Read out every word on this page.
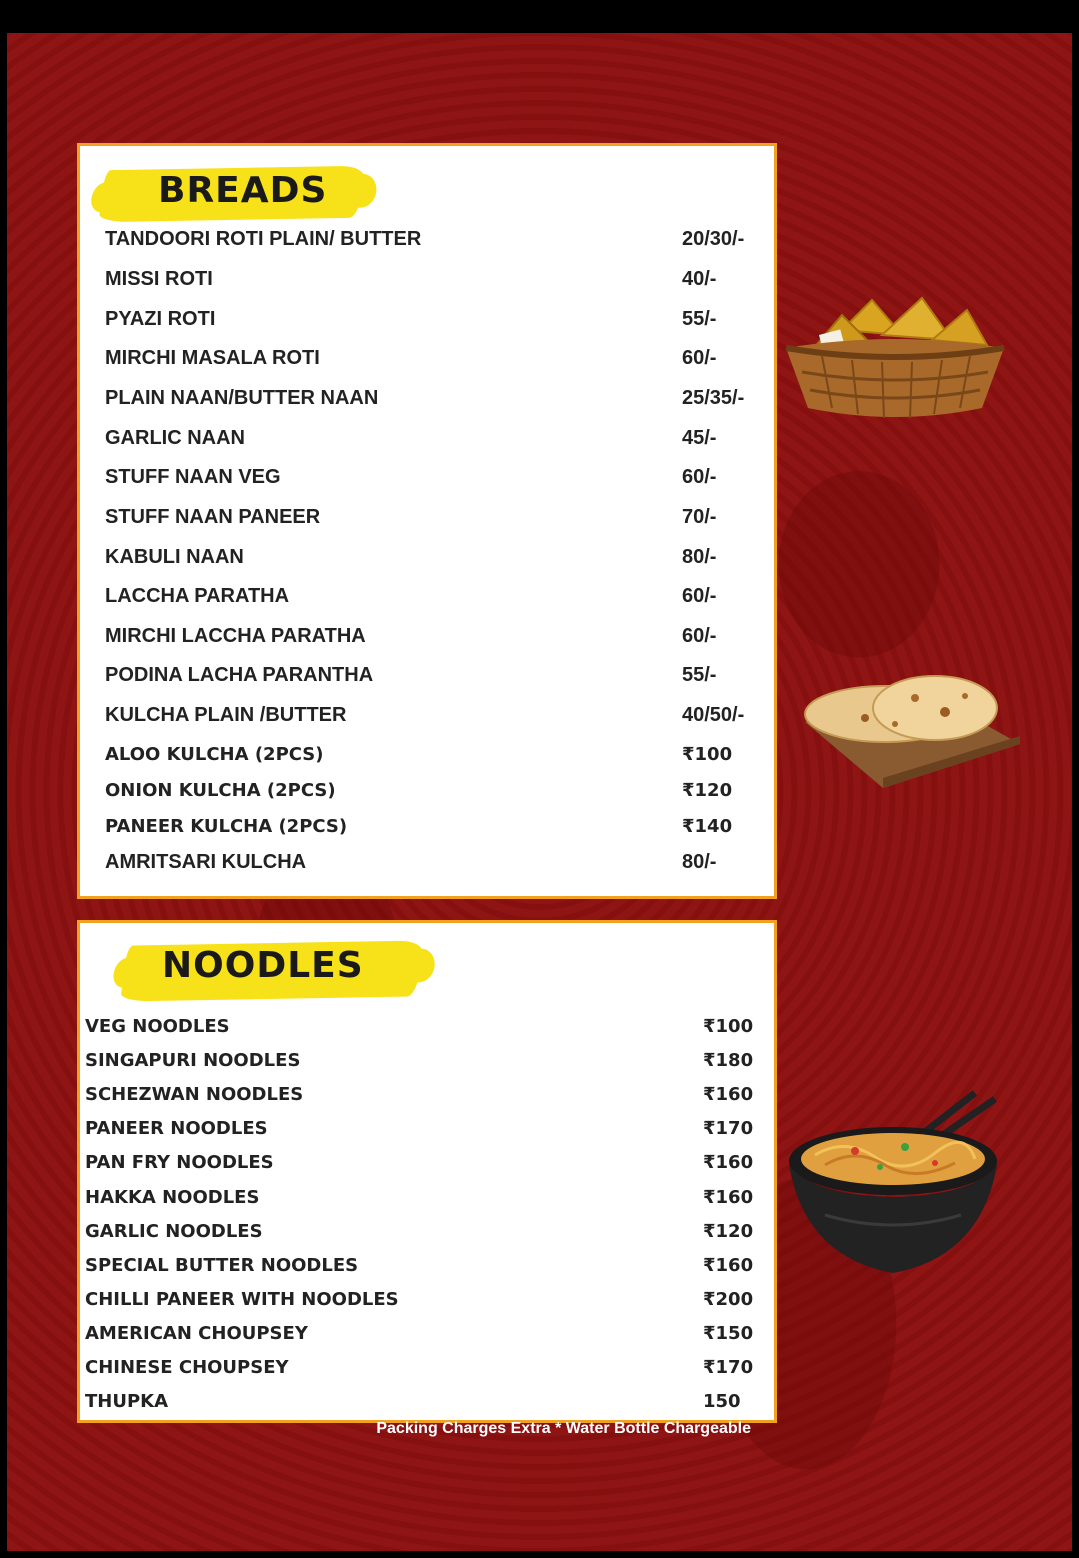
BREADS
TANDOORI ROTI PLAIN/ BUTTER	20/30/-
MISSI ROTI	40/-
PYAZI ROTI	55/-
MIRCHI MASALA ROTI	60/-
PLAIN NAAN/BUTTER NAAN	25/35/-
GARLIC NAAN	45/-
STUFF NAAN VEG	60/-
STUFF NAAN PANEER	70/-
KABULI NAAN	80/-
LACCHA PARATHA	60/-
MIRCHI LACCHA PARATHA	60/-
PODINA LACHA PARANTHA	55/-
KULCHA PLAIN /BUTTER	40/50/-
ALOO KULCHA (2PCS)	₹100
ONION KULCHA (2PCS)	₹120
PANEER KULCHA (2PCS)	₹140
AMRITSARI KULCHA	80/-
NOODLES
VEG NOODLES	₹100
SINGAPURI NOODLES	₹180
SCHEZWAN NOODLES	₹160
PANEER NOODLES	₹170
PAN FRY NOODLES	₹160
HAKKA NOODLES	₹160
GARLIC NOODLES	₹120
SPECIAL BUTTER NOODLES	₹160
CHILLI PANEER WITH NOODLES	₹200
AMERICAN CHOUPSEY	₹150
CHINESE CHOUPSEY	₹170
THUPKA	150
Packing Charges Extra * Water Bottle Chargeable
